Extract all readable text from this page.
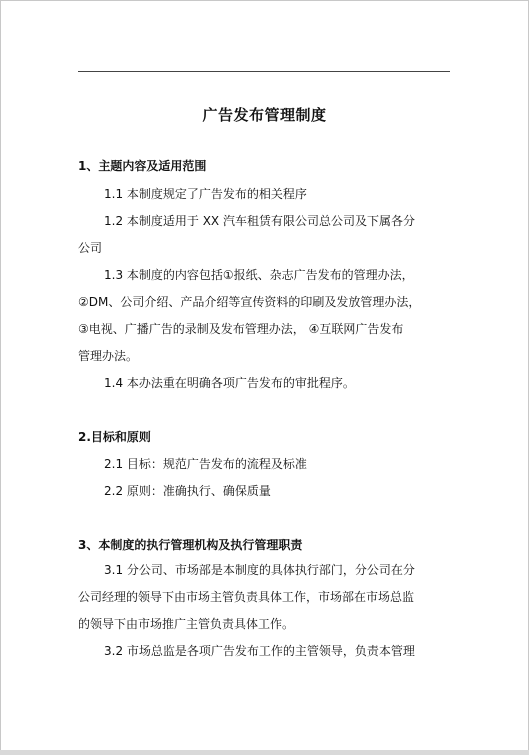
广告发布管理制度
1、主题内容及适用范围
1.1 本制度规定了广告发布的相关程序
1.2 本制度适用于 XX 汽车租赁有限公司总公司及下属各分
公司
1.3 本制度的内容包括①报纸、杂志广告发布的管理办法，
②DM、公司介绍、产品介绍等宣传资料的印刷及发放管理办法，
③电视、广播广告的录制及发布管理办法， ④互联网广告发布
管理办法。
1.4 本办法重在明确各项广告发布的审批程序。
2.目标和原则
2.1 目标：规范广告发布的流程及标准
2.2 原则：准确执行、确保质量
3、本制度的执行管理机构及执行管理职责
3.1 分公司、市场部是本制度的具体执行部门，分公司在分
公司经理的领导下由市场主管负责具体工作，市场部在市场总监
的领导下由市场推广主管负责具体工作。
3.2 市场总监是各项广告发布工作的主管领导，负责本管理
